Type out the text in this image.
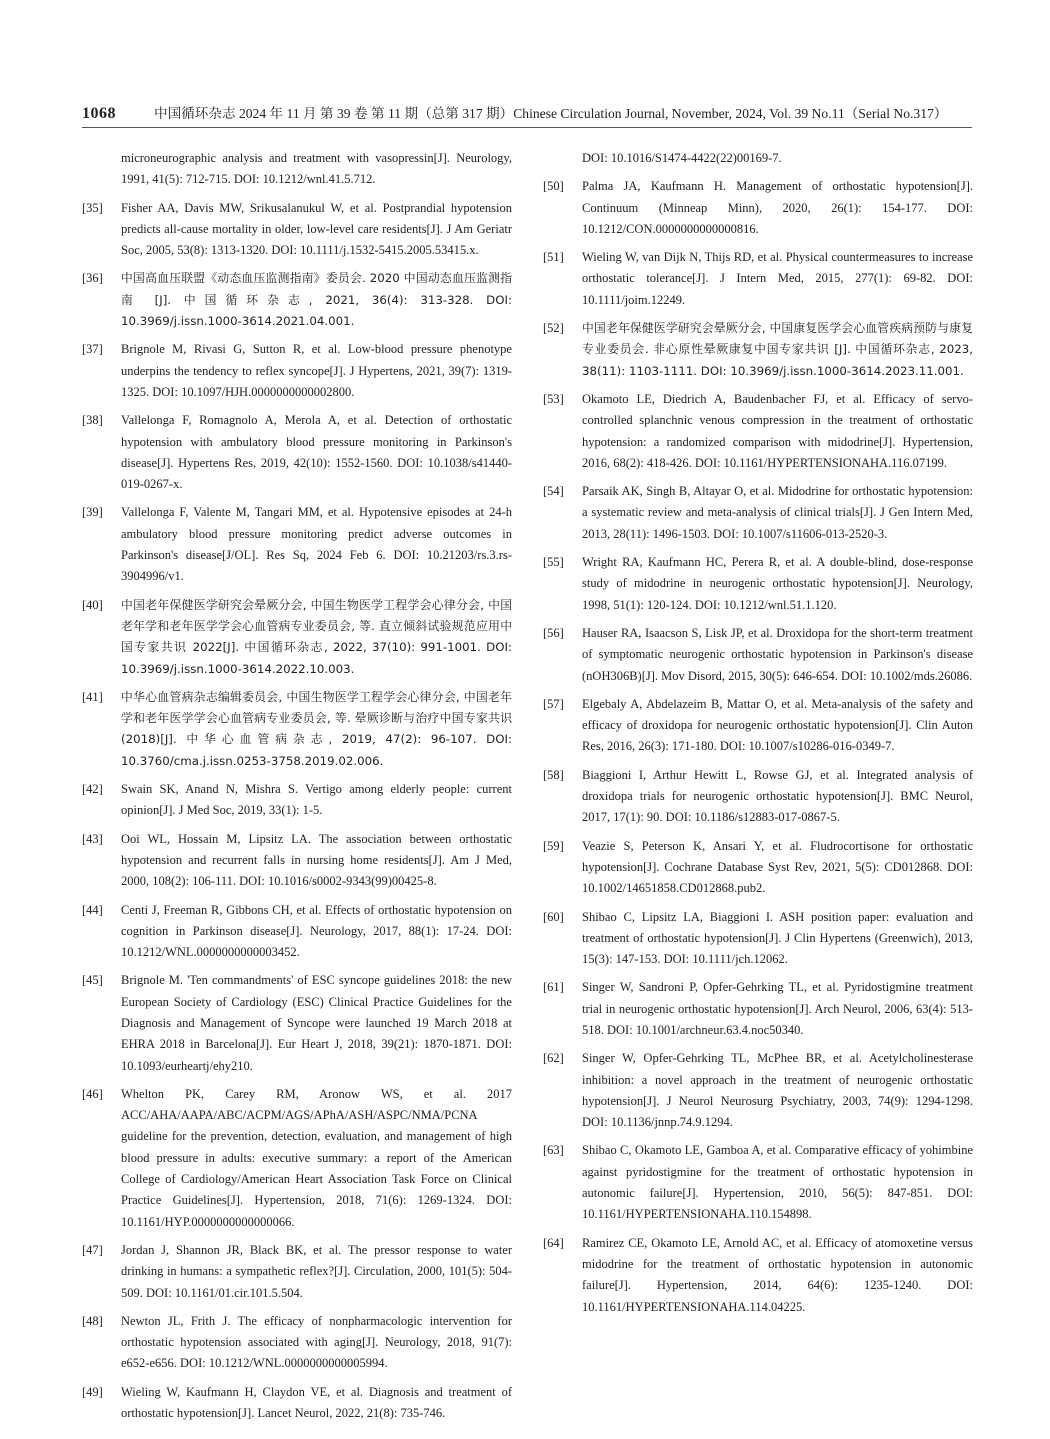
1068	中国循环杂志 2024 年 11 月 第 39 卷 第 11 期（总第 317 期）Chinese Circulation Journal, November, 2024, Vol. 39 No.11（Serial No.317）
microneurographic analysis and treatment with vasopressin[J]. Neurology, 1991, 41(5): 712-715. DOI: 10.1212/wnl.41.5.712.
[35]	Fisher AA, Davis MW, Srikusalanukul W, et al. Postprandial hypotension predicts all-cause mortality in older, low-level care residents[J]. J Am Geriatr Soc, 2005, 53(8): 1313-1320. DOI: 10.1111/j.1532-5415.2005.53415.x.
[36]	中国高血压联盟《动态血压监测指南》委员会. 2020 中国动态血压监测指南 [J]. 中国循环杂志, 2021, 36(4): 313-328. DOI: 10.3969/j.issn.1000-3614.2021.04.001.
[37]	Brignole M, Rivasi G, Sutton R, et al. Low-blood pressure phenotype underpins the tendency to reflex syncope[J]. J Hypertens, 2021, 39(7): 1319-1325. DOI: 10.1097/HJH.0000000000002800.
[38]	Vallelonga F, Romagnolo A, Merola A, et al. Detection of orthostatic hypotension with ambulatory blood pressure monitoring in Parkinson's disease[J]. Hypertens Res, 2019, 42(10): 1552-1560. DOI: 10.1038/s41440-019-0267-x.
[39]	Vallelonga F, Valente M, Tangari MM, et al. Hypotensive episodes at 24-h ambulatory blood pressure monitoring predict adverse outcomes in Parkinson's disease[J/OL]. Res Sq, 2024 Feb 6. DOI: 10.21203/rs.3.rs-3904996/v1.
[40]	中国老年保健医学研究会晕厥分会, 中国生物医学工程学会心律分会, 中国老年学和老年医学学会心血管病专业委员会, 等. 直立倾斜试验规范应用中国专家共识 2022[J]. 中国循环杂志, 2022, 37(10): 991-1001. DOI: 10.3969/j.issn.1000-3614.2022.10.003.
[41]	中华心血管病杂志编辑委员会, 中国生物医学工程学会心律分会, 中国老年学和老年医学学会心血管病专业委员会, 等. 晕厥诊断与治疗中国专家共识 (2018)[J]. 中华心血管病杂志, 2019, 47(2): 96-107. DOI: 10.3760/cma.j.issn.0253-3758.2019.02.006.
[42]	Swain SK, Anand N, Mishra S. Vertigo among elderly people: current opinion[J]. J Med Soc, 2019, 33(1): 1-5.
[43]	Ooi WL, Hossain M, Lipsitz LA. The association between orthostatic hypotension and recurrent falls in nursing home residents[J]. Am J Med, 2000, 108(2): 106-111. DOI: 10.1016/s0002-9343(99)00425-8.
[44]	Centi J, Freeman R, Gibbons CH, et al. Effects of orthostatic hypotension on cognition in Parkinson disease[J]. Neurology, 2017, 88(1): 17-24. DOI: 10.1212/WNL.0000000000003452.
[45]	Brignole M. 'Ten commandments' of ESC syncope guidelines 2018: the new European Society of Cardiology (ESC) Clinical Practice Guidelines for the Diagnosis and Management of Syncope were launched 19 March 2018 at EHRA 2018 in Barcelona[J]. Eur Heart J, 2018, 39(21): 1870-1871. DOI: 10.1093/eurheartj/ehy210.
[46]	Whelton PK, Carey RM, Aronow WS, et al. 2017 ACC/AHA/AAPA/ABC/ACPM/AGS/APhA/ASH/ASPC/NMA/PCNA guideline for the prevention, detection, evaluation, and management of high blood pressure in adults: executive summary: a report of the American College of Cardiology/American Heart Association Task Force on Clinical Practice Guidelines[J]. Hypertension, 2018, 71(6): 1269-1324. DOI: 10.1161/HYP.0000000000000066.
[47]	Jordan J, Shannon JR, Black BK, et al. The pressor response to water drinking in humans: a sympathetic reflex?[J]. Circulation, 2000, 101(5): 504-509. DOI: 10.1161/01.cir.101.5.504.
[48]	Newton JL, Frith J. The efficacy of nonpharmacologic intervention for orthostatic hypotension associated with aging[J]. Neurology, 2018, 91(7): e652-e656. DOI: 10.1212/WNL.0000000000005994.
[49]	Wieling W, Kaufmann H, Claydon VE, et al. Diagnosis and treatment of orthostatic hypotension[J]. Lancet Neurol, 2022, 21(8): 735-746.
DOI: 10.1016/S1474-4422(22)00169-7.
[50]	Palma JA, Kaufmann H. Management of orthostatic hypotension[J]. Continuum (Minneap Minn), 2020, 26(1): 154-177. DOI: 10.1212/CON.0000000000000816.
[51]	Wieling W, van Dijk N, Thijs RD, et al. Physical countermeasures to increase orthostatic tolerance[J]. J Intern Med, 2015, 277(1): 69-82. DOI: 10.1111/joim.12249.
[52]	中国老年保健医学研究会晕厥分会, 中国康复医学会心血管疾病预防与康复专业委员会. 非心原性晕厥康复中国专家共识 [J]. 中国循环杂志, 2023, 38(11): 1103-1111. DOI: 10.3969/j.issn.1000-3614.2023.11.001.
[53]	Okamoto LE, Diedrich A, Baudenbacher FJ, et al. Efficacy of servo-controlled splanchnic venous compression in the treatment of orthostatic hypotension: a randomized comparison with midodrine[J]. Hypertension, 2016, 68(2): 418-426. DOI: 10.1161/HYPERTENSIONAHA.116.07199.
[54]	Parsaik AK, Singh B, Altayar O, et al. Midodrine for orthostatic hypotension: a systematic review and meta-analysis of clinical trials[J]. J Gen Intern Med, 2013, 28(11): 1496-1503. DOI: 10.1007/s11606-013-2520-3.
[55]	Wright RA, Kaufmann HC, Perera R, et al. A double-blind, dose-response study of midodrine in neurogenic orthostatic hypotension[J]. Neurology, 1998, 51(1): 120-124. DOI: 10.1212/wnl.51.1.120.
[56]	Hauser RA, Isaacson S, Lisk JP, et al. Droxidopa for the short-term treatment of symptomatic neurogenic orthostatic hypotension in Parkinson's disease (nOH306B)[J]. Mov Disord, 2015, 30(5): 646-654. DOI: 10.1002/mds.26086.
[57]	Elgebaly A, Abdelazeim B, Mattar O, et al. Meta-analysis of the safety and efficacy of droxidopa for neurogenic orthostatic hypotension[J]. Clin Auton Res, 2016, 26(3): 171-180. DOI: 10.1007/s10286-016-0349-7.
[58]	Biaggioni I, Arthur Hewitt L, Rowse GJ, et al. Integrated analysis of droxidopa trials for neurogenic orthostatic hypotension[J]. BMC Neurol, 2017, 17(1): 90. DOI: 10.1186/s12883-017-0867-5.
[59]	Veazie S, Peterson K, Ansari Y, et al. Fludrocortisone for orthostatic hypotension[J]. Cochrane Database Syst Rev, 2021, 5(5): CD012868. DOI: 10.1002/14651858.CD012868.pub2.
[60]	Shibao C, Lipsitz LA, Biaggioni I. ASH position paper: evaluation and treatment of orthostatic hypotension[J]. J Clin Hypertens (Greenwich), 2013, 15(3): 147-153. DOI: 10.1111/jch.12062.
[61]	Singer W, Sandroni P, Opfer-Gehrking TL, et al. Pyridostigmine treatment trial in neurogenic orthostatic hypotension[J]. Arch Neurol, 2006, 63(4): 513-518. DOI: 10.1001/archneur.63.4.noc50340.
[62]	Singer W, Opfer-Gehrking TL, McPhee BR, et al. Acetylcholinesterase inhibition: a novel approach in the treatment of neurogenic orthostatic hypotension[J]. J Neurol Neurosurg Psychiatry, 2003, 74(9): 1294-1298. DOI: 10.1136/jnnp.74.9.1294.
[63]	Shibao C, Okamoto LE, Gamboa A, et al. Comparative efficacy of yohimbine against pyridostigmine for the treatment of orthostatic hypotension in autonomic failure[J]. Hypertension, 2010, 56(5): 847-851. DOI: 10.1161/HYPERTENSIONAHA.110.154898.
[64]	Ramirez CE, Okamoto LE, Arnold AC, et al. Efficacy of atomoxetine versus midodrine for the treatment of orthostatic hypotension in autonomic failure[J]. Hypertension, 2014, 64(6): 1235-1240. DOI: 10.1161/HYPERTENSIONAHA.114.04225.
